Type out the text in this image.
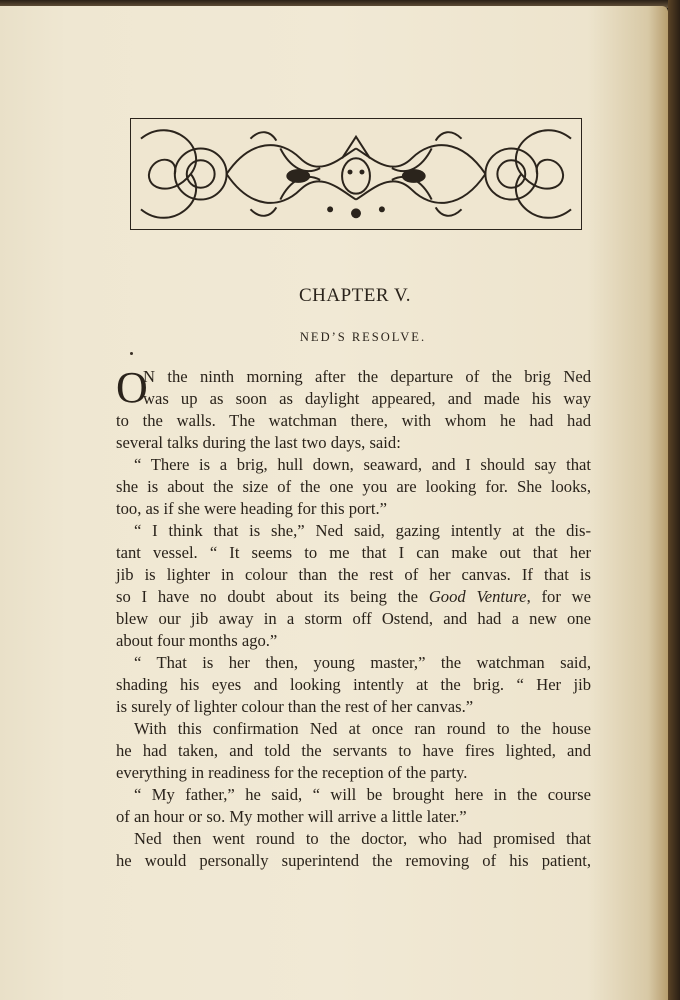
CHAPTER V.
NED’S RESOLVE.
O
N the ninth morning after the departure of the brig Ned
was up as soon as daylight appeared, and made his way
to the walls. The watchman there, with whom he had had
several talks during the last two days, said:
“ There is a brig, hull down, seaward, and I should say that
she is about the size of the one you are looking for. She looks,
too, as if she were heading for this port.”
“ I think that is she,” Ned said, gazing intently at the dis-
tant vessel. “ It seems to me that I can make out that her
jib is lighter in colour than the rest of her canvas. If that is
so I have no doubt about its being the Good Venture, for we
blew our jib away in a storm off Ostend, and had a new one
about four months ago.”
“ That is her then, young master,” the watchman said,
shading his eyes and looking intently at the brig. “ Her jib
is surely of lighter colour than the rest of her canvas.”
With this confirmation Ned at once ran round to the house
he had taken, and told the servants to have fires lighted, and
everything in readiness for the reception of the party.
“ My father,” he said, “ will be brought here in the course
of an hour or so. My mother will arrive a little later.”
Ned then went round to the doctor, who had promised that
he would personally superintend the removing of his patient,
